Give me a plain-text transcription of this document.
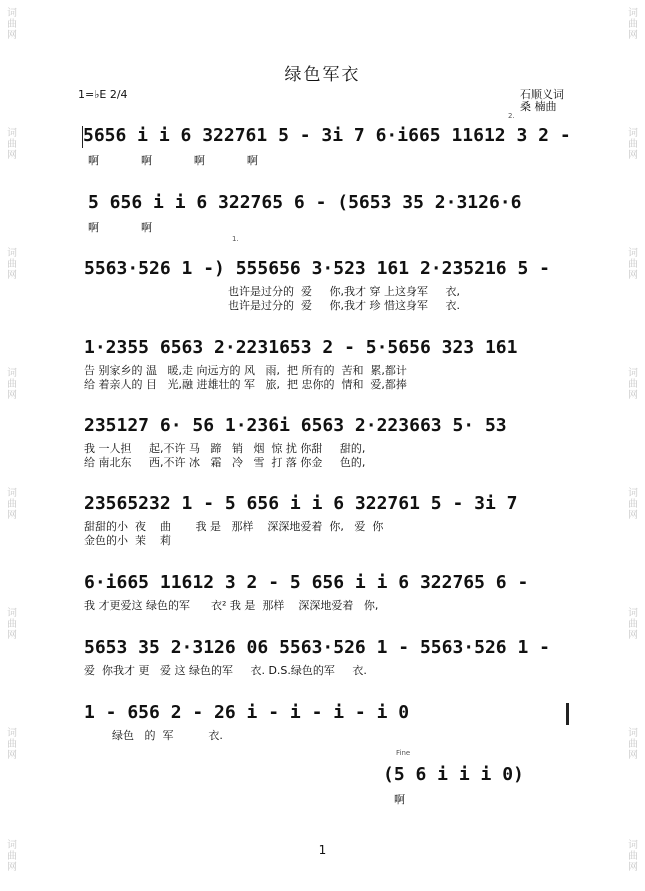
词曲网
词曲网
词曲网
词曲网
词曲网
词曲网
词曲网
词曲网
词曲网
词曲网
词曲网
词曲网
词曲网
词曲网
词曲网
词曲网
绿色军衣
石顺义词
桑 楠曲
1=♭E 2/4
5656 i i 6 322761 5 - 3i 7 6·i665 11612 3 2 -
啊            啊            啊            啊
5 656 i i 6 322765 6 - (5653 35 2·3126·6
啊            啊
1.
5563·526 1 -) 555656 3·523 161 2·235216 5 -
也许是过分的  爱     你,我才 穿 上这身军     衣,
也许是过分的  爱     你,我才 珍 惜这身军     衣.
1·2355 6563 2·2231653 2 - 5·5656 323 161
告 别家乡的 温   暖,走 向远方的 风   雨,  把 所有的  苦和  累,都计
给 着亲人的 目   光,融 进雄壮的 军   旅,  把 忠你的  情和  爱,都捧
235127 6· 56 1·236i 6563 2·223663 5· 53
我 一人担     起,不许 马   蹄   销   烟  惊 扰 你甜     甜的,
给 南北东     西,不许 冰   霜   冷   雪  打 落 你金     色的,
23565232 1 - 5 656 i i 6 322761 5 - 3i 7
甜甜的小  夜    曲       我 是   那样    深深地爱着  你,   爱  你
金色的小  茉    莉
6·i665 11612 3 2 - 5 656 i i 6 322765 6 -
我 才更爱这 绿色的军      衣² 我 是  那样    深深地爱着   你,
5653 35 2·3126 06 5563·526 1 - 5563·526 1 -
爱  你我才 更   爱 这 绿色的军     衣. D.S.绿色的军     衣.
1 - 656 2 - 26 i - i - i - i 0
绿色   的  军          衣.
Fine
(5 6 i i i 0)
啊
2.
1
